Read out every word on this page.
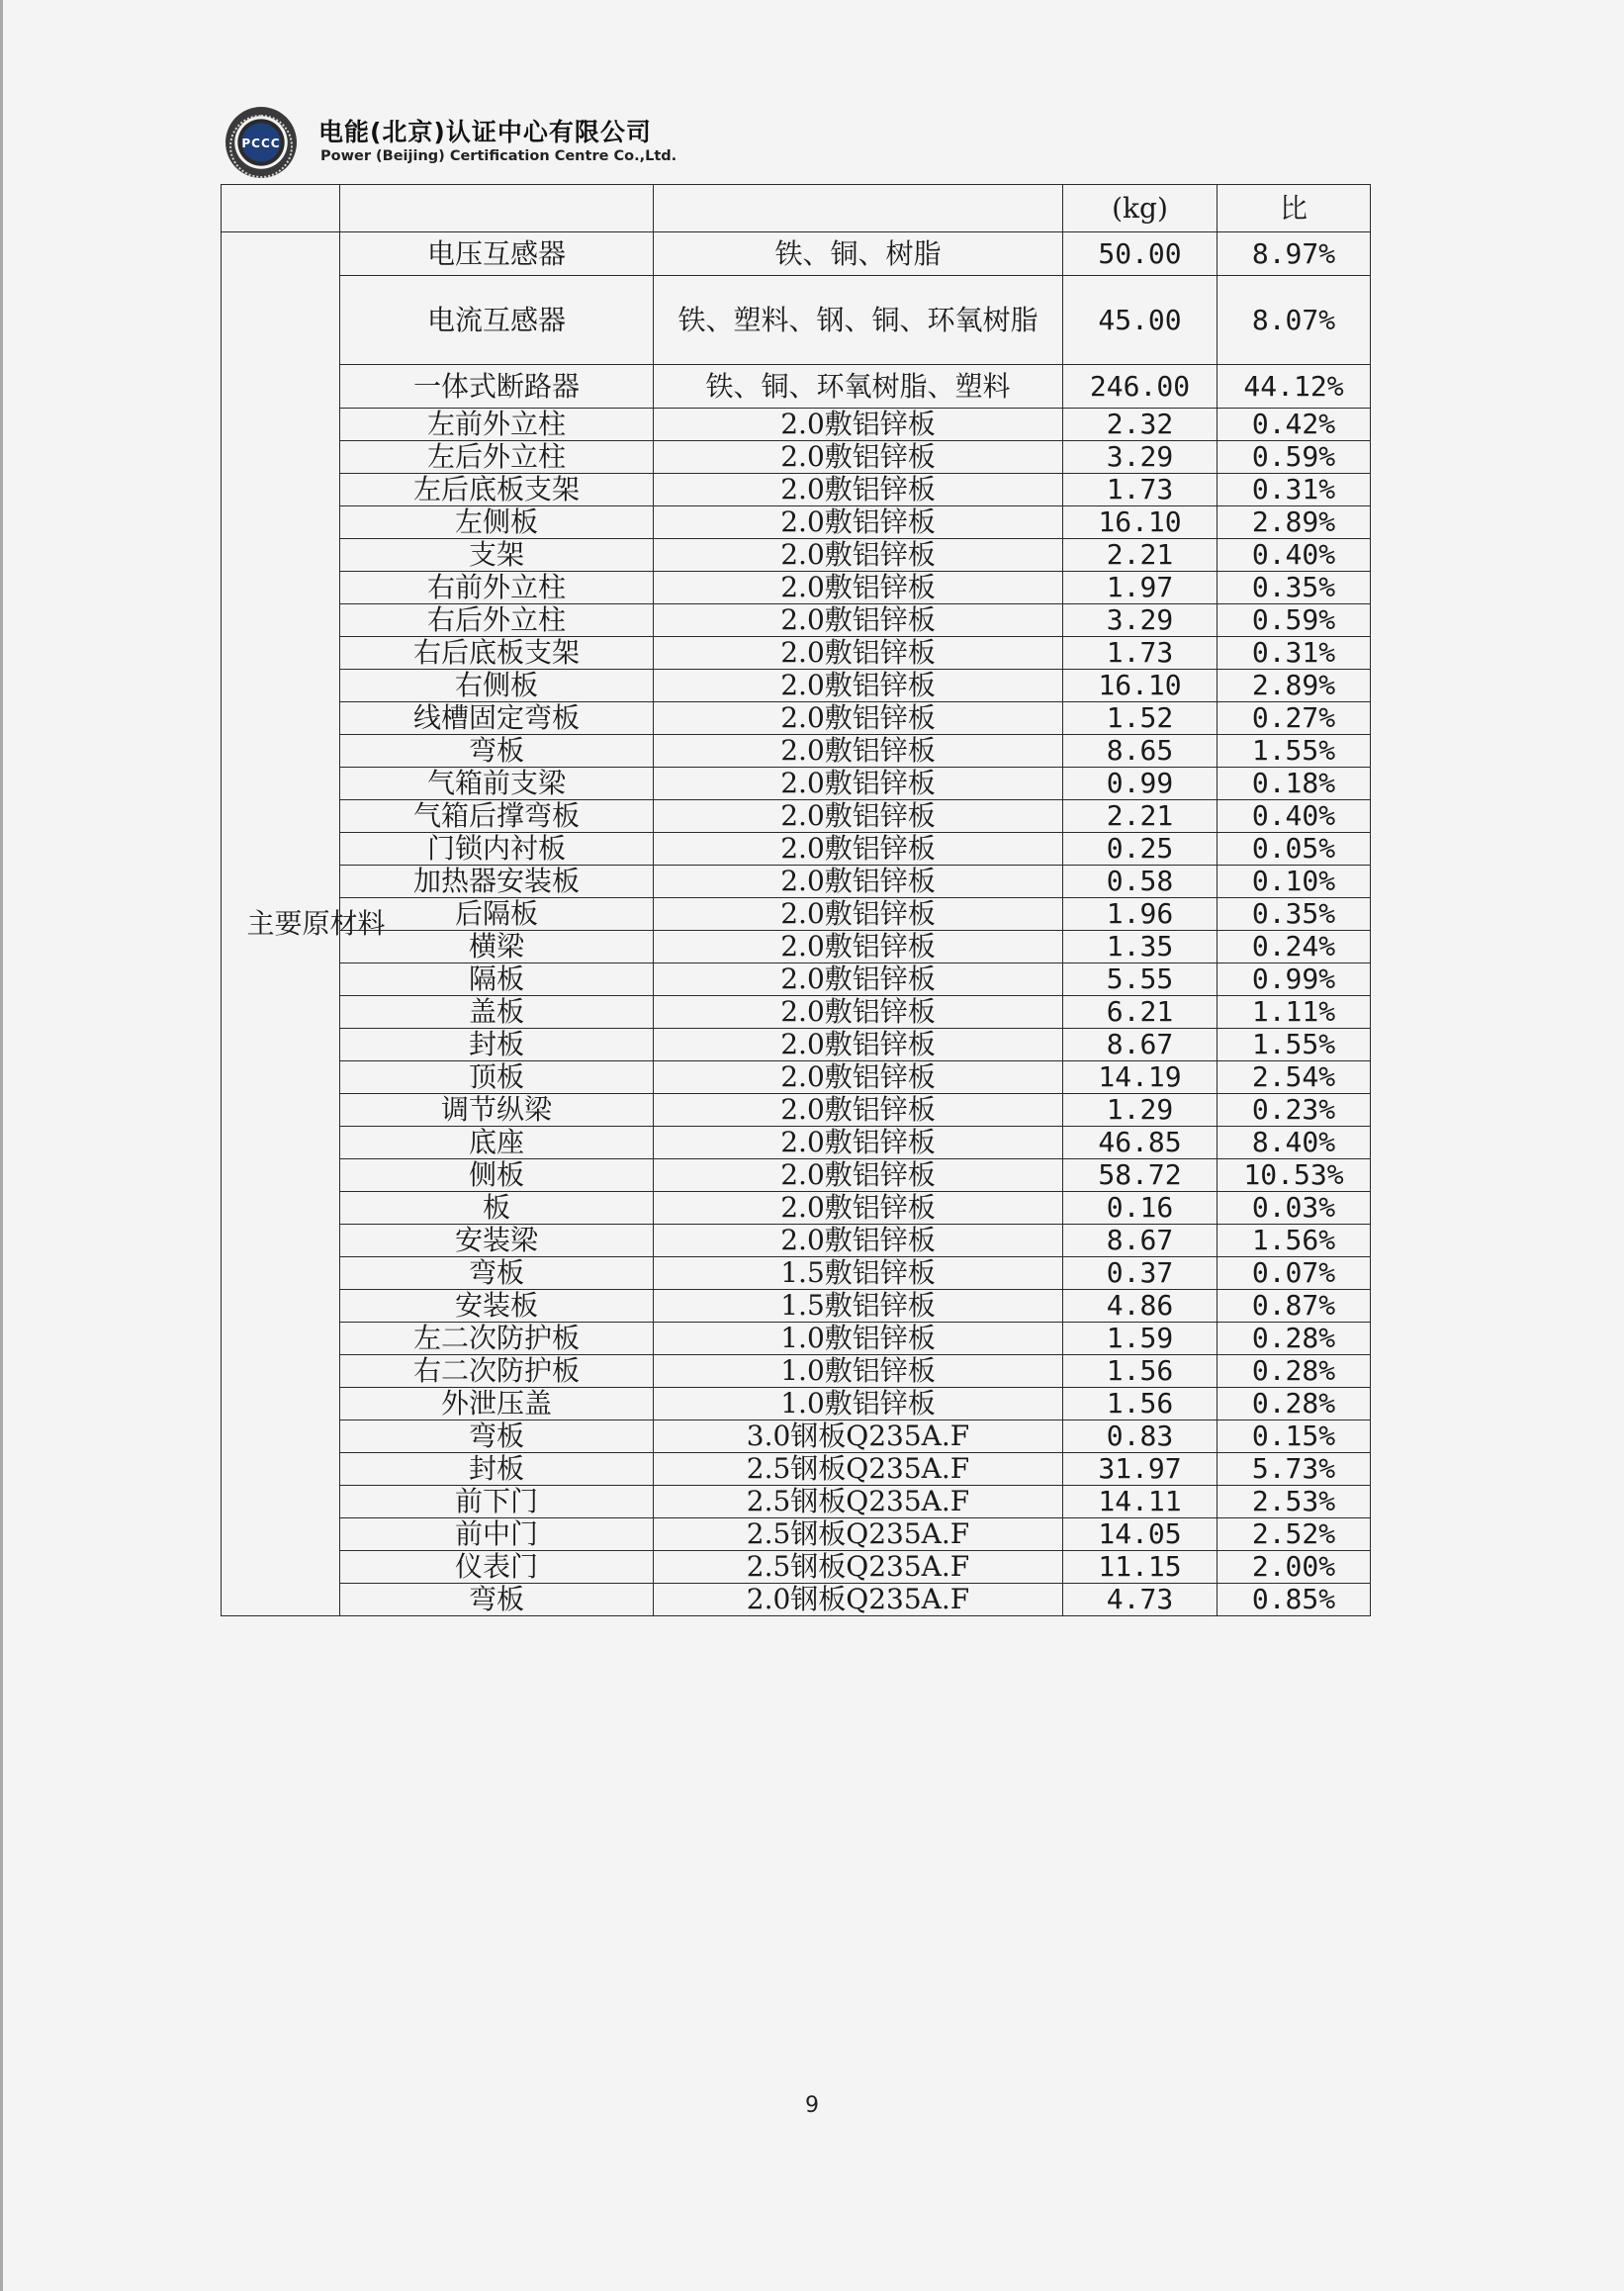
PCCC	电能(北京)认证中心有限公司
Power (Beijing) Certification Centre Co.,Ltd.
			(kg)	比

主要原材料	电压互感器	铁、铜、树脂	50.00	8.97%
	电流互感器	铁、塑料、钢、铜、环氧树脂	45.00	8.07%
	一体式断路器	铁、铜、环氧树脂、塑料	246.00	44.12%
	左前外立柱	2.0敷铝锌板	2.32	0.42%
	左后外立柱	2.0敷铝锌板	3.29	0.59%
	左后底板支架	2.0敷铝锌板	1.73	0.31%
	左侧板	2.0敷铝锌板	16.10	2.89%
	支架	2.0敷铝锌板	2.21	0.40%
	右前外立柱	2.0敷铝锌板	1.97	0.35%
	右后外立柱	2.0敷铝锌板	3.29	0.59%
	右后底板支架	2.0敷铝锌板	1.73	0.31%
	右侧板	2.0敷铝锌板	16.10	2.89%
	线槽固定弯板	2.0敷铝锌板	1.52	0.27%
	弯板	2.0敷铝锌板	8.65	1.55%
	气箱前支梁	2.0敷铝锌板	0.99	0.18%
	气箱后撑弯板	2.0敷铝锌板	2.21	0.40%
	门锁内衬板	2.0敷铝锌板	0.25	0.05%
	加热器安装板	2.0敷铝锌板	0.58	0.10%
	后隔板	2.0敷铝锌板	1.96	0.35%
	横梁	2.0敷铝锌板	1.35	0.24%
	隔板	2.0敷铝锌板	5.55	0.99%
	盖板	2.0敷铝锌板	6.21	1.11%
	封板	2.0敷铝锌板	8.67	1.55%
	顶板	2.0敷铝锌板	14.19	2.54%
	调节纵梁	2.0敷铝锌板	1.29	0.23%
	底座	2.0敷铝锌板	46.85	8.40%
	侧板	2.0敷铝锌板	58.72	10.53%
	板	2.0敷铝锌板	0.16	0.03%
	安装梁	2.0敷铝锌板	8.67	1.56%
	弯板	1.5敷铝锌板	0.37	0.07%
	安装板	1.5敷铝锌板	4.86	0.87%
	左二次防护板	1.0敷铝锌板	1.59	0.28%
	右二次防护板	1.0敷铝锌板	1.56	0.28%
	外泄压盖	1.0敷铝锌板	1.56	0.28%
	弯板	3.0钢板Q235A.F	0.83	0.15%
	封板	2.5钢板Q235A.F	31.97	5.73%
	前下门	2.5钢板Q235A.F	14.11	2.53%
	前中门	2.5钢板Q235A.F	14.05	2.52%
	仪表门	2.5钢板Q235A.F	11.15	2.00%
	弯板	2.0钢板Q235A.F	4.73	0.85%
9
